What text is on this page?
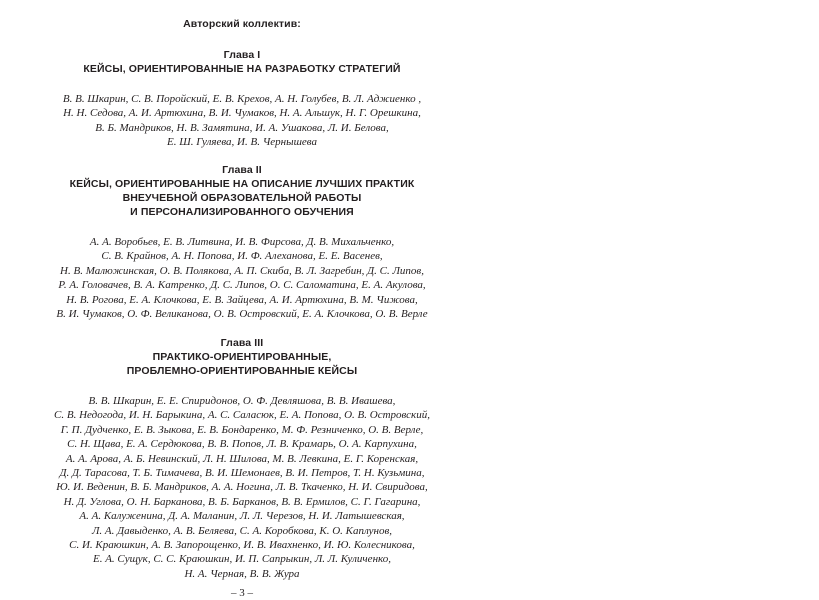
Авторский коллектив:
Глава I
КЕЙСЫ, ОРИЕНТИРОВАННЫЕ НА РАЗРАБОТКУ СТРАТЕГИЙ

В. В. Шкарин, С. В. Поройский, Е. В. Крехов, А. Н. Голубев, В. Л. Аджиенко ,
Н. Н. Седова, А. И. Артюхина, В. И. Чумаков, Н. А. Альшук, Н. Г. Орешкина,
В. Б. Мандриков, Н. В. Замятина, И. А. Ушакова, Л. И. Белова,
Е. Ш. Гуляева, И. В. Чернышева

Глава II
КЕЙСЫ, ОРИЕНТИРОВАННЫЕ НА ОПИСАНИЕ ЛУЧШИХ ПРАКТИК
ВНЕУЧЕБНОЙ ОБРАЗОВАТЕЛЬНОЙ РАБОТЫ
И ПЕРСОНАЛИЗИРОВАННОГО ОБУЧЕНИЯ

А. А. Воробьев, Е. В. Литвина, И. В. Фирсова, Д. В. Михальченко,
С. В. Крайнов, А. Н. Попова, И. Ф. Алеханова, Е. Е. Васенев,
Н. В. Малюжинская, О. В. Полякова, А. П. Скиба, В. Л. Загребин, Д. С. Липов,
Р. А. Головачев, В. А. Катренко, Д. С. Липов, О. С. Саломатина, Е. А. Акулова,
Н. В. Рогова, Е. А. Клочкова, Е. В. Зайцева, А. И. Артюхина, В. М. Чижова,
В. И. Чумаков, О. Ф. Великанова, О. В. Островский, Е. А. Клочкова, О. В. Верле

Глава III
ПРАКТИКО-ОРИЕНТИРОВАННЫЕ,
ПРОБЛЕМНО-ОРИЕНТИРОВАННЫЕ КЕЙСЫ

В. В. Шкарин, Е. Е. Спиридонов, О. Ф. Девляшова, В. В. Ивашева,
С. В. Недогода, И. Н. Барыкина, А. С. Саласюк, Е. А. Попова, О. В. Островский,
Г. П. Дудченко, Е. В. Зыкова, Е. В. Бондаренко, М. Ф. Резниченко, О. В. Верле,
С. Н. Щава, Е. А. Сердюкова, В. В. Попов, Л. В. Крамарь, О. А. Карпухина,
А. А. Арова, А. Б. Невинский, Л. Н. Шилова, М. В. Левкина, Е. Г. Коренская,
Д. Д. Тарасова, Т. Б. Тимачева, В. И. Шемонаев, В. И. Петров, Т. Н. Кузьмина,
Ю. И. Веденин, В. Б. Мандриков, А. А. Ногина, Л. В. Ткаченко, Н. И. Свиридова,
Н. Д. Углова, О. Н. Барканова, В. Б. Барканов, В. В. Ермилов, С. Г. Гагарина,
А. А. Калуженина, Д. А. Маланин, Л. Л. Черезов, Н. И. Латышевская,
Л. А. Давыденко, А. В. Беляева, С. А. Коробкова, К. О. Каплунов,
С. И. Краюшкин, А. В. Запорощенко, И. В. Ивахненко, И. Ю. Колесникова,
Е. А. Сущук, С. С. Краюшкин, И. П. Сапрыкин, Л. Л. Куличенко,
Н. А. Черная, В. В. Жура

– 3 –
